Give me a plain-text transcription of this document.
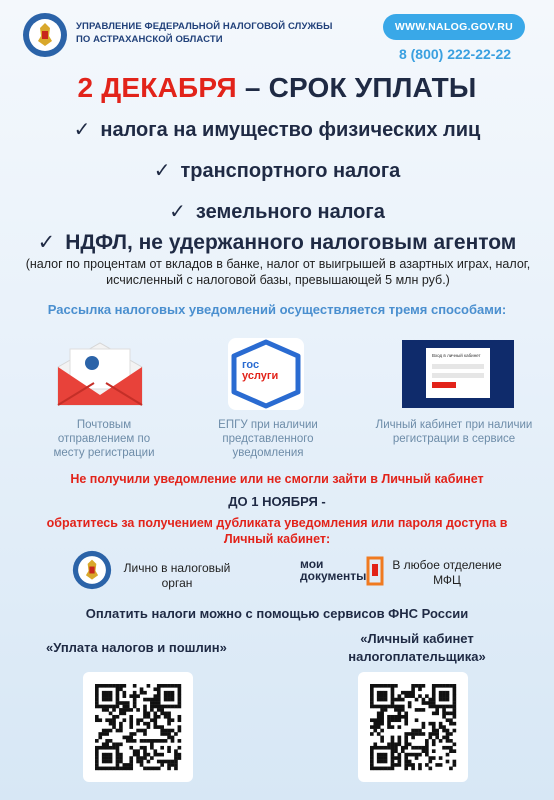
УПРАВЛЕНИЕ ФЕДЕРАЛЬНОЙ НАЛОГОВОЙ СЛУЖБЫ
ПО АСТРАХАНСКОЙ ОБЛАСТИ
WWW.NALOG.GOV.RU
8 (800) 222-22-22
2 ДЕКАБРЯ – СРОК УПЛАТЫ
✓ налога на имущество физических лиц
✓ транспортного налога
✓ земельного налога
✓ НДФЛ, не удержанного налоговым агентом
(налог по процентам от вкладов в банке, налог от выигрышей в азартных играх, налог, исчисленный с налоговой базы, превышающей 5 млн руб.)
Рассылка налоговых уведомлений осуществляется тремя способами:
гос
услуги
Вход в личный кабинет
Почтовым отправлением по месту регистрации
ЕПГУ при наличии представленного уведомления
Личный кабинет при наличии регистрации в сервисе
Не получили уведомление или не смогли зайти в Личный кабинет
ДО 1 НОЯБРЯ -
обратитесь за получением дубликата уведомления или пароля доступа в Личный кабинет:
Лично в налоговый орган
мои
документы
В любое отделение МФЦ
Оплатить налоги можно с помощью сервисов ФНС России
«Уплата налогов и пошлин»
«Личный кабинет налогоплательщика»
